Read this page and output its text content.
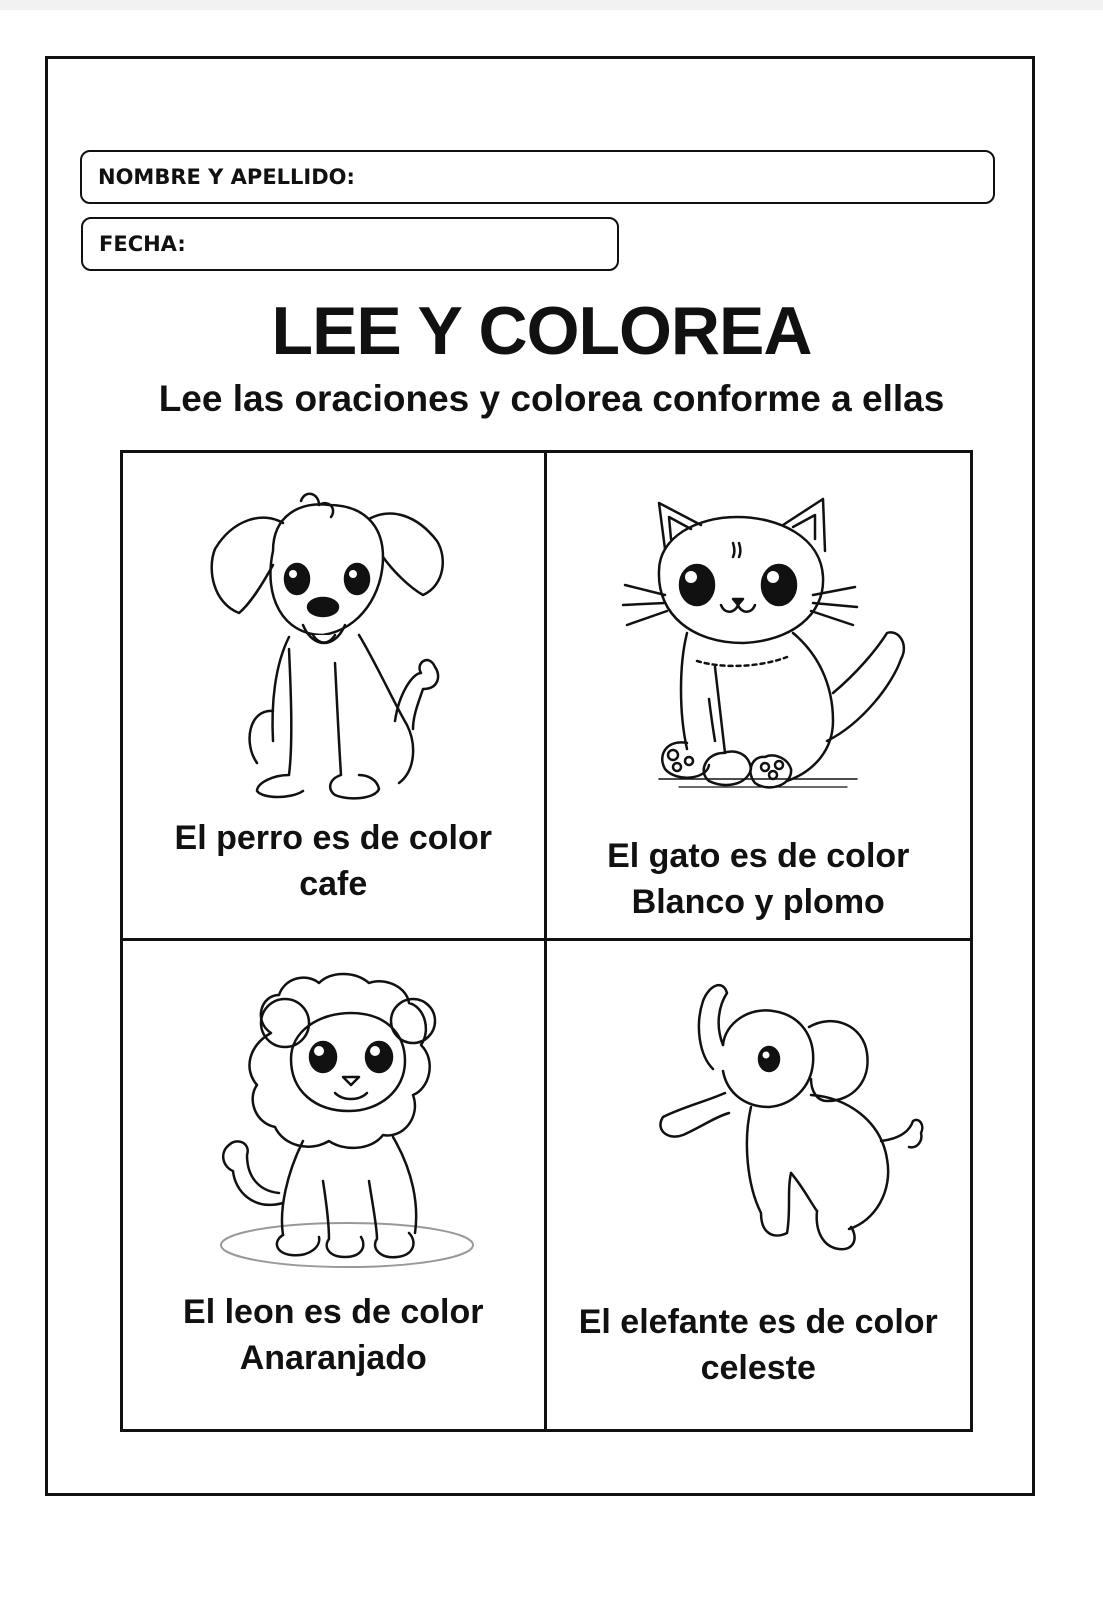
NOMBRE Y APELLIDO:
FECHA:
LEE Y COLOREA
Lee las oraciones y colorea conforme a ellas
El perro es de color
cafe
El gato es de color
Blanco y plomo
El leon es de color
Anaranjado
El elefante es de color
celeste
